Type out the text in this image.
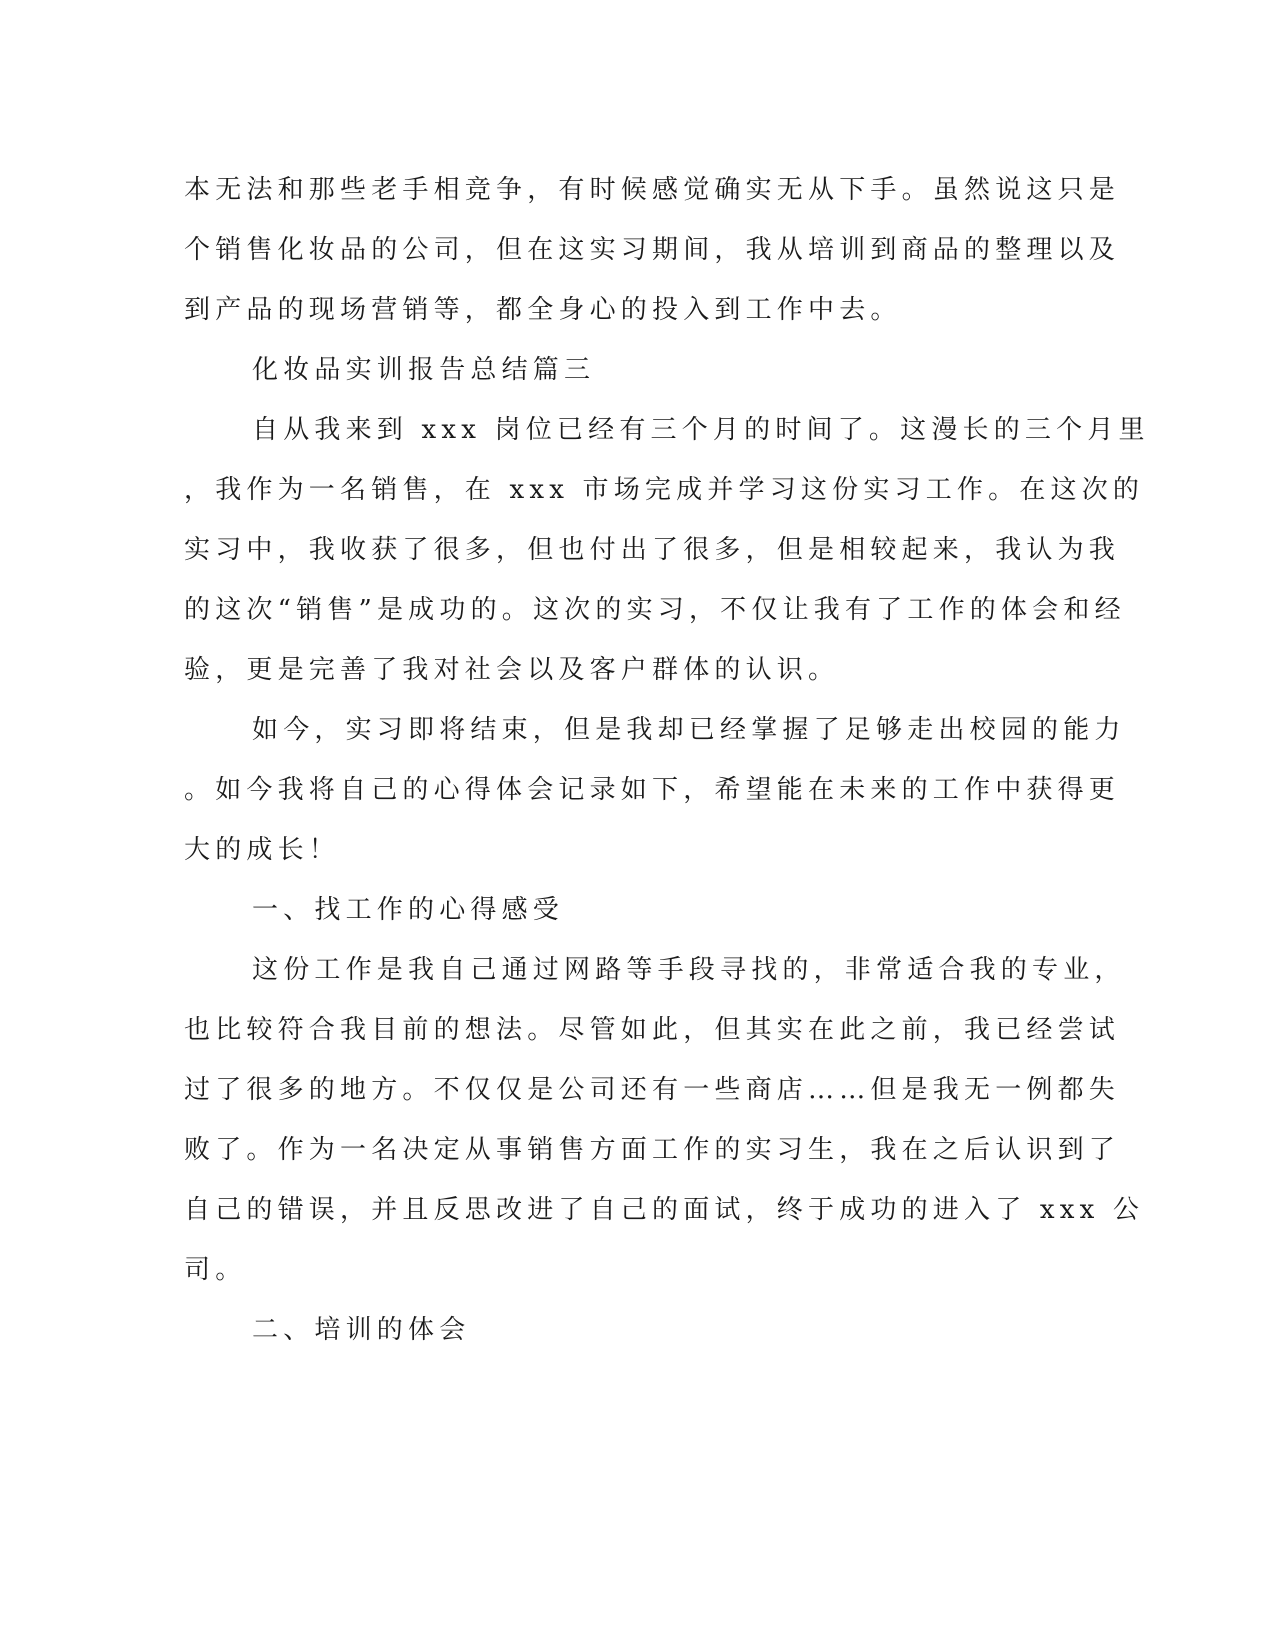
本无法和那些老手相竞争，有时候感觉确实无从下手。虽然说这只是
个销售化妆品的公司，但在这实习期间，我从培训到商品的整理以及
到产品的现场营销等，都全身心的投入到工作中去。
化妆品实训报告总结篇三
自从我来到 xxx 岗位已经有三个月的时间了。这漫长的三个月里
，我作为一名销售，在 xxx 市场完成并学习这份实习工作。在这次的
实习中，我收获了很多，但也付出了很多，但是相较起来，我认为我
的这次“销售”是成功的。这次的实习，不仅让我有了工作的体会和经
验，更是完善了我对社会以及客户群体的认识。
如今，实习即将结束，但是我却已经掌握了足够走出校园的能力
。如今我将自己的心得体会记录如下，希望能在未来的工作中获得更
大的成长！
一、找工作的心得感受
这份工作是我自己通过网路等手段寻找的，非常适合我的专业，
也比较符合我目前的想法。尽管如此，但其实在此之前，我已经尝试
过了很多的地方。不仅仅是公司还有一些商店……但是我无一例都失
败了。作为一名决定从事销售方面工作的实习生，我在之后认识到了
自己的错误，并且反思改进了自己的面试，终于成功的进入了 xxx 公
司。
二、培训的体会
